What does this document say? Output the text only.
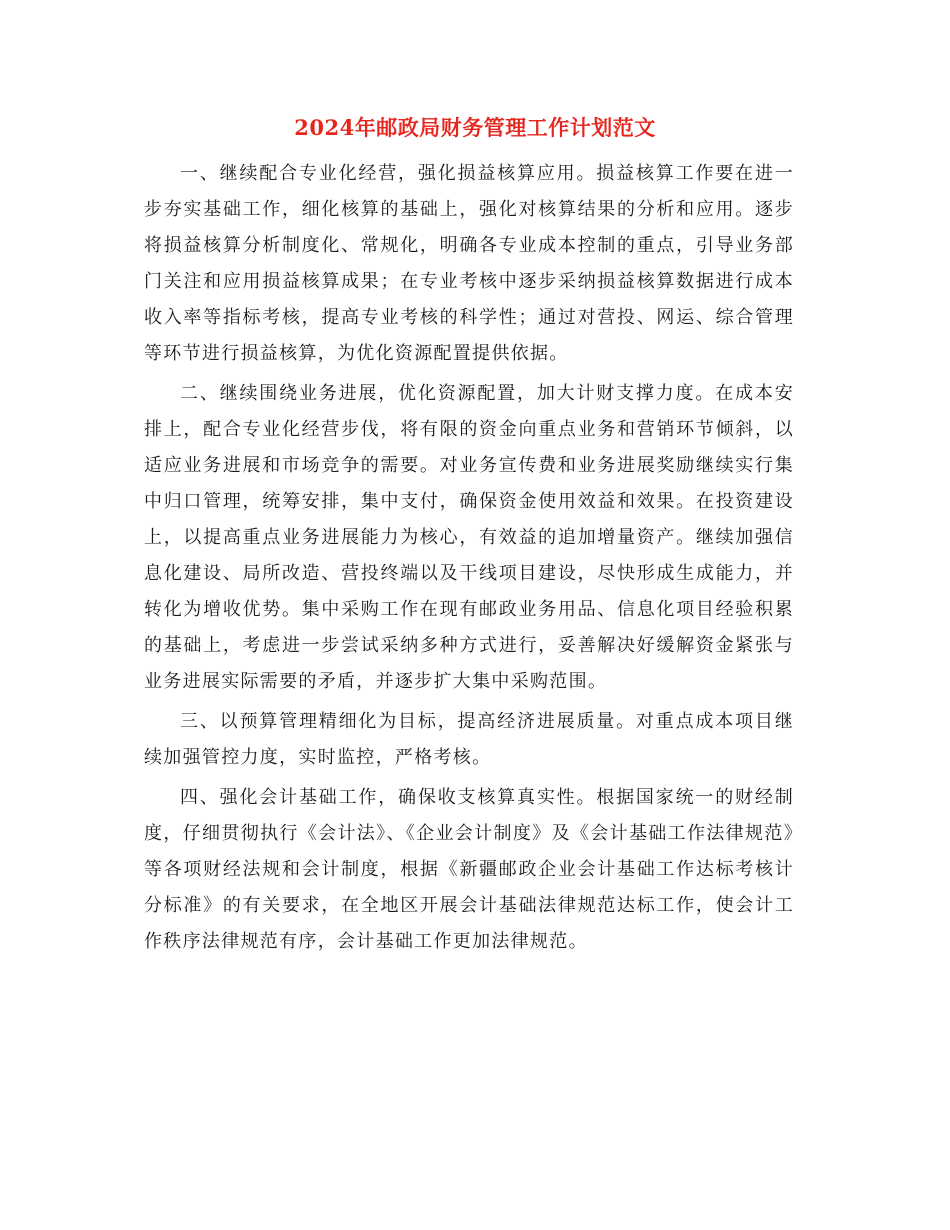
2024年邮政局财务管理工作计划范文

一、继续配合专业化经营，强化损益核算应用。损益核算工作要在进一步夯实基础工作，细化核算的基础上，强化对核算结果的分析和应用。逐步将损益核算分析制度化、常规化，明确各专业成本控制的重点，引导业务部门关注和应用损益核算成果；在专业考核中逐步采纳损益核算数据进行成本收入率等指标考核，提高专业考核的科学性；通过对营投、网运、综合管理等环节进行损益核算，为优化资源配置提供依据。

二、继续围绕业务进展，优化资源配置，加大计财支撑力度。在成本安排上，配合专业化经营步伐，将有限的资金向重点业务和营销环节倾斜，以适应业务进展和市场竞争的需要。对业务宣传费和业务进展奖励继续实行集中归口管理，统筹安排，集中支付，确保资金使用效益和效果。在投资建设上，以提高重点业务进展能力为核心，有效益的追加增量资产。继续加强信息化建设、局所改造、营投终端以及干线项目建设，尽快形成生成能力，并转化为增收优势。集中采购工作在现有邮政业务用品、信息化项目经验积累的基础上，考虑进一步尝试采纳多种方式进行，妥善解决好缓解资金紧张与业务进展实际需要的矛盾，并逐步扩大集中采购范围。

三、以预算管理精细化为目标，提高经济进展质量。对重点成本项目继续加强管控力度，实时监控，严格考核。

四、强化会计基础工作，确保收支核算真实性。根据国家统一的财经制度，仔细贯彻执行《会计法》、《企业会计制度》及《会计基础工作法律规范》等各项财经法规和会计制度，根据《新疆邮政企业会计基础工作达标考核计分标准》的有关要求，在全地区开展会计基础法律规范达标工作，使会计工作秩序法律规范有序，会计基础工作更加法律规范。
